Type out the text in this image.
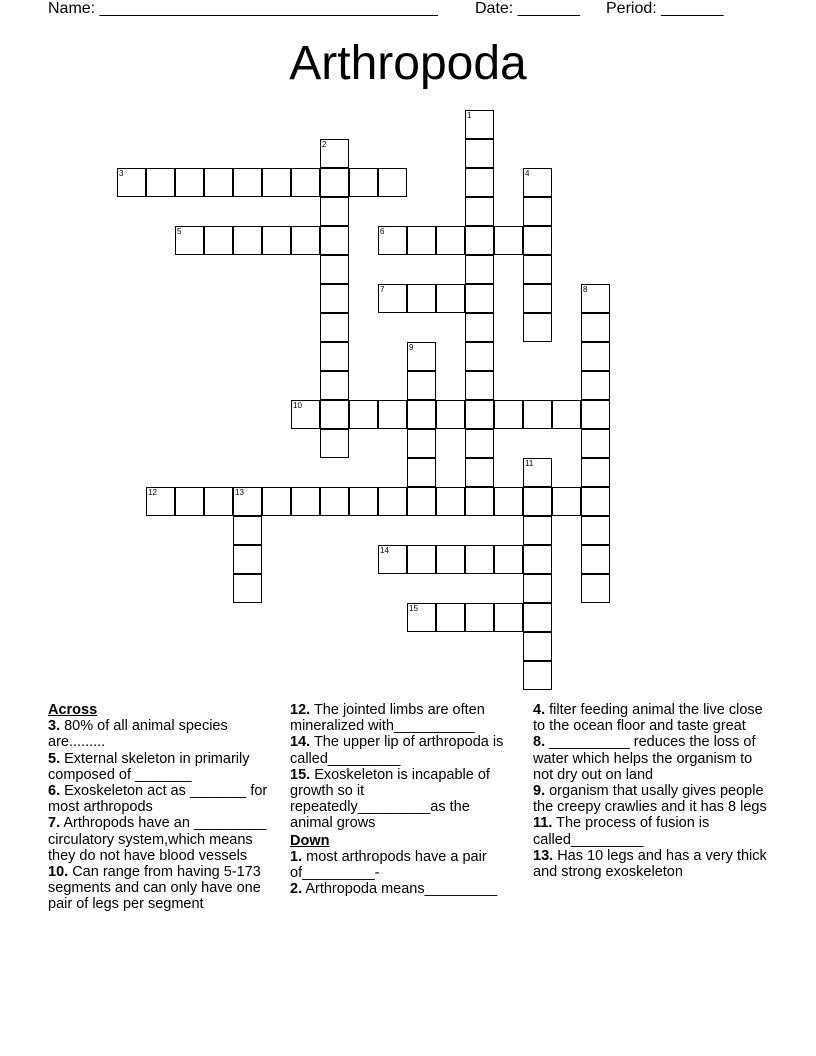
Name: ______________________________________ Date: _______ Period: _______
Arthropoda
1
2
3	4
5	6
7	8
9
10
11
12	13
14
15
Across
3. 80% of all animal species are.........
5. External skeleton in primarily composed of _______
6. Exoskeleton act as _______ for most arthropods
7. Arthropods have an _________ circulatory system,which means they do not have blood vessels
10. Can range from having 5-173 segments and can only have one pair of legs per segment
12. The jointed limbs are often mineralized with__________
14. The upper lip of arthropoda is called_________
15. Exoskeleton is incapable of growth so it repeatedly_________as the animal grows
Down
1. most arthropods have a pair of_________-
2. Arthropoda means_________
4. filter feeding animal the live close to the ocean floor and taste great
8. __________ reduces the loss of water which helps the organism to not dry out on land
9. organism that usally gives people the creepy crawlies and it has 8 legs
11. The process of fusion is called_________
13. Has 10 legs and has a very thick and strong exoskeleton
